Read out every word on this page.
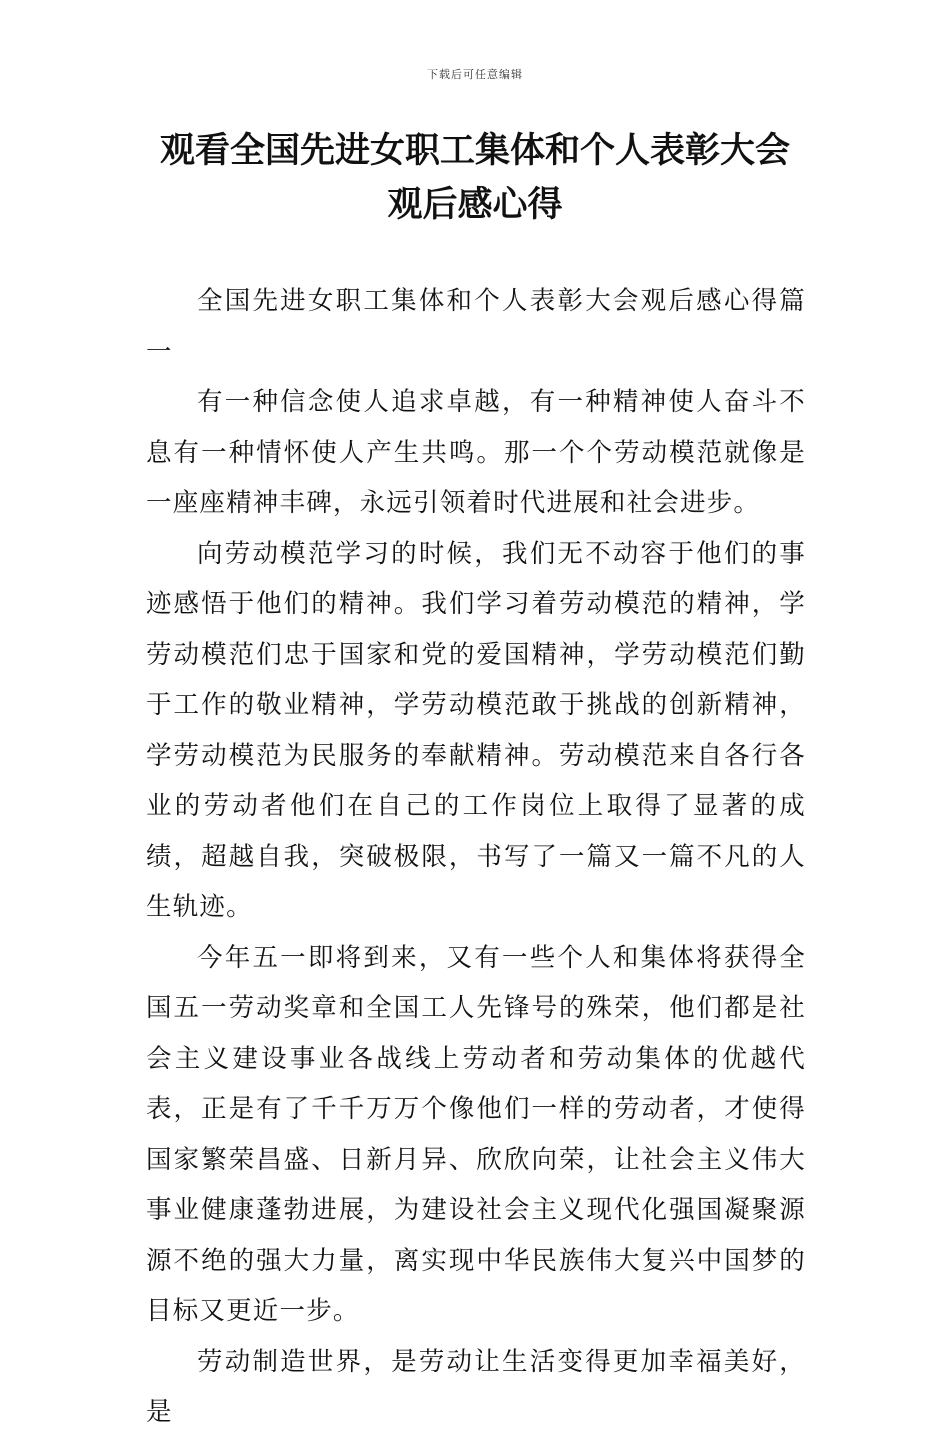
下载后可任意编辑
观看全国先进女职工集体和个人表彰大会
观后感心得

全国先进女职工集体和个人表彰大会观后感心得篇一

有一种信念使人追求卓越，有一种精神使人奋斗不息有一种情怀使人产生共鸣。那一个个劳动模范就像是一座座精神丰碑，永远引领着时代进展和社会进步。

向劳动模范学习的时候，我们无不动容于他们的事迹感悟于他们的精神。我们学习着劳动模范的精神，学劳动模范们忠于国家和党的爱国精神，学劳动模范们勤于工作的敬业精神，学劳动模范敢于挑战的创新精神，学劳动模范为民服务的奉献精神。劳动模范来自各行各业的劳动者他们在自己的工作岗位上取得了显著的成绩，超越自我，突破极限，书写了一篇又一篇不凡的人生轨迹。

今年五一即将到来，又有一些个人和集体将获得全国五一劳动奖章和全国工人先锋号的殊荣，他们都是社会主义建设事业各战线上劳动者和劳动集体的优越代表，正是有了千千万万个像他们一样的劳动者，才使得国家繁荣昌盛、日新月异、欣欣向荣，让社会主义伟大事业健康蓬勃进展，为建设社会主义现代化强国凝聚源源不绝的强大力量，离实现中华民族伟大复兴中国梦的目标又更近一步。

劳动制造世界，是劳动让生活变得更加幸福美好，是
